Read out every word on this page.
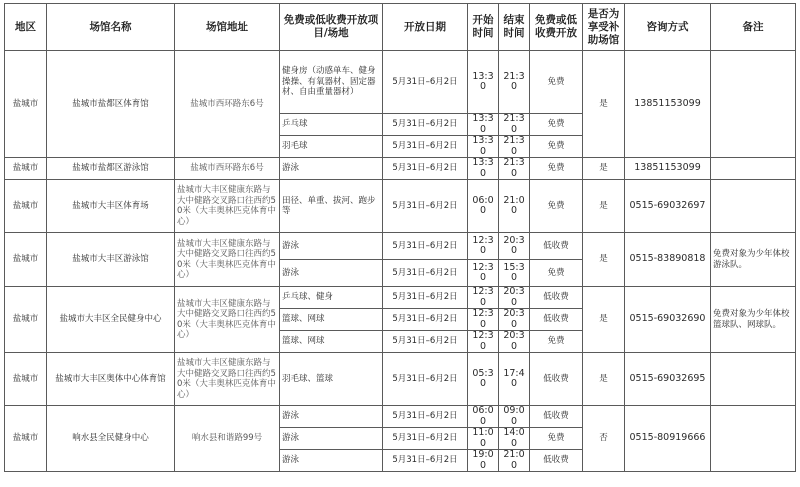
地区	场馆名称	场馆地址	免费或低收费开放项目/场地	开放日期	开始时间	结束时间	免费或低收费开放	是否为享受补助场馆	咨询方式	备注
盐城市	盐城市盐都区体育馆	盐城市西环路东6号	健身房（动感单车、健身操操、有氧器材、固定器材、自由重量器材）	5月31日–6月2日	13:30	21:30	免费	是	13851153099	
			乒乓球	5月31日–6月2日	13:30	21:30	免费			
			羽毛球	5月31日–6月2日	13:30	21:30	免费			
盐城市	盐城市盐都区游泳馆	盐城市西环路东6号	游泳	5月31日–6月2日	13:30	21:30	免费	是	13851153099	
盐城市	盐城市大丰区体育场	盐城市大丰区健康东路与大中健路交叉路口往西约50米（大丰奥林匹克体育中心）	田径、单重、拔河、跑步等	5月31日–6月2日	06:00	21:00	免费	是	0515-69032697	
盐城市	盐城市大丰区游泳馆	盐城市大丰区健康东路与大中健路交叉路口往西约50米（大丰奥林匹克体育中心）	游泳	5月31日–6月2日	12:30	20:30	低收费	是	0515-83890818	免费对象为少年体校游泳队。
			游泳	5月31日–6月2日	12:30	15:30	免费			
盐城市	盐城市大丰区全民健身中心	盐城市大丰区健康东路与大中健路交叉路口往西约50米（大丰奥林匹克体育中心）	乒乓球、健身	5月31日–6月2日	12:30	20:30	低收费	是	0515-69032690	免费对象为少年体校篮球队、网球队。
			篮球、网球	5月31日–6月2日	12:30	20:30	低收费			
			篮球、网球	5月31日–6月2日	12:30	20:30	免费			
盐城市	盐城市大丰区奥体中心体育馆	盐城市大丰区健康东路与大中健路交叉路口往西约50米（大丰奥林匹克体育中心）	羽毛球、篮球	5月31日–6月2日	05:30	17:40	低收费	是	0515-69032695	
盐城市	响水县全民健身中心	响水县和谐路99号	游泳	5月31日–6月2日	06:00	09:00	低收费	否	0515-80919666	
			游泳	5月31日–6月2日	11:00	14:00	免费			
			游泳	5月31日–6月2日	19:00	21:00	低收费			
